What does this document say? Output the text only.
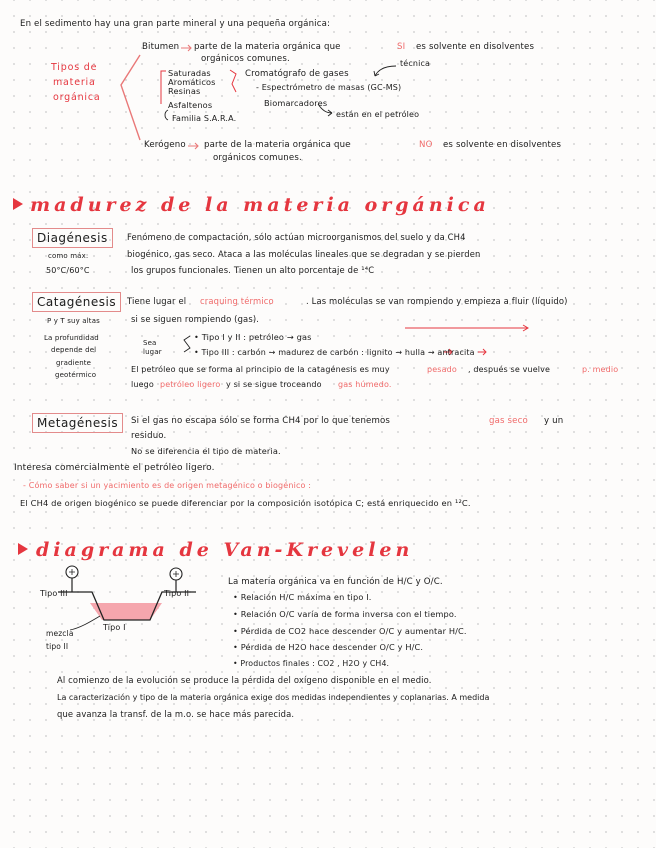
En el sedimento hay una gran parte mineral y una pequeña orgánica:
Tipos de
materia
orgánica
Bitumen parte de la materia orgánica que	SI es solvente en disolventes
orgánicos comunes.	técnica
Saturadas
Aromáticos
Resinas
Asfaltenos
Familia S.A.R.A.
Cromatógrafo de gases
- Espectrómetro de masas (GC-MS)
Biomarcadores
están en el petróleo
Kerógeno parte de la materia orgánica que	NO es solvente en disolventes
orgánicos comunes.
madurez de la materia orgánica
Diagénesis	Fenómeno de compactación, sólo actúan microorganismos del suelo y da CH4
biogénico, gas seco. Ataca a las moléculas lineales que se degradan y se pierden
los grupos funcionales. Tienen un alto porcentaje de ¹⁴C
como máx:
50°C/60°C
Catagénesis	Tiene lugar el craquing térmico	. Las moléculas se van rompiendo y empieza a fluir (líquido)
si se siguen rompiendo (gas).
P y T suy altas
La profundidad
depende del
gradiente
geotérmico
Sea lugar
• Tipo I y II : petróleo → gas
• Tipo III : carbón → madurez de carbón : lignito → hulla → antracita
El petróleo que se forma al principio de la catagénesis es muy	pesado , después se vuelve	p. medio
luego petróleo ligero y si se sigue troceando gas húmedo.
Metagénesis	Si el gas no escapa sólo se forma CH4 por lo que tenemos	gas seco y un
residuo.
No se diferencia el tipo de materia.
Interesa comercialmente el petróleo ligero.
- Cómo saber si un yacimiento es de origen metagénico o biogénico :
El CH4 de origen biogénico se puede diferenciar por la composición isotópica C; está enriquecido en ¹²C.
diagrama de Van-Krevelen
Tipo III	Tipo II
Tipo I
mezcla
tipo II
La materia orgánica va en función de H/C y O/C.
• Relación H/C máxima en tipo I.
• Relación O/C varía de forma inversa con el tiempo.
• Pérdida de CO2 hace descender O/C y aumentar H/C.
• Pérdida de H2O hace descender O/C y H/C.
• Productos finales : CO2 , H2O y CH4.
Al comienzo de la evolución se produce la pérdida del oxígeno disponible en el medio.
La caracterización y tipo de la materia orgánica exige dos medidas independientes y coplanarias. A medida
que avanza la transf. de la m.o. se hace más parecida.
